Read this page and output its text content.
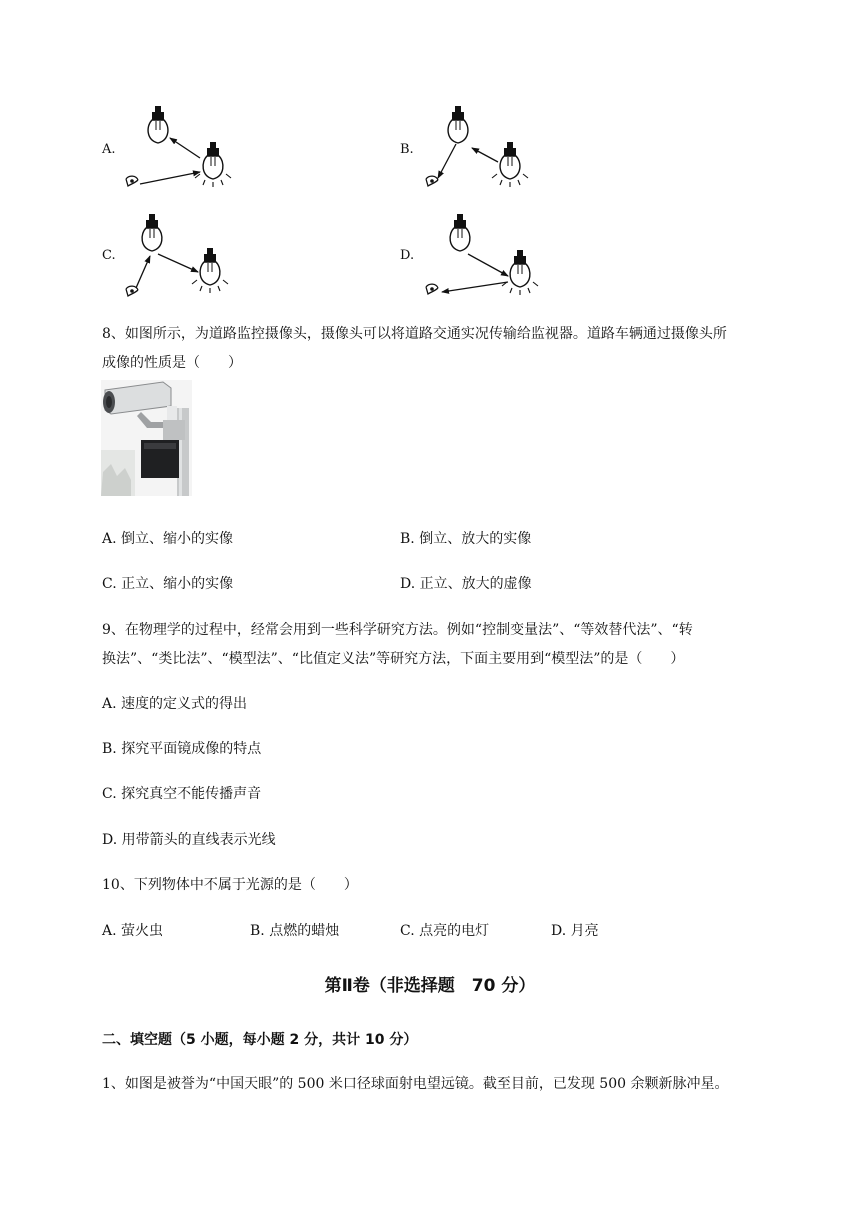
A.	B.
C.	D.
8、如图所示，为道路监控摄像头，摄像头可以将道路交通实况传输给监视器。道路车辆通过摄像头所
成像的性质是（　　）
A. 倒立、缩小的实像	B. 倒立、放大的实像
C. 正立、缩小的实像	D. 正立、放大的虚像
9、在物理学的过程中，经常会用到一些科学研究方法。例如“控制变量法”、“等效替代法”、“转
换法”、“类比法”、“模型法”、“比值定义法”等研究方法，下面主要用到“模型法”的是（　　）
A. 速度的定义式的得出
B. 探究平面镜成像的特点
C. 探究真空不能传播声音
D. 用带箭头的直线表示光线
10、下列物体中不属于光源的是（　　）
A. 萤火虫	B. 点燃的蜡烛	C. 点亮的电灯	D. 月亮
第Ⅱ卷（非选择题　70 分）
二、填空题（5 小题，每小题 2 分，共计 10 分）
1、如图是被誉为“中国天眼”的 500 米口径球面射电望远镜。截至目前，已发现 500 余颗新脉冲星。
